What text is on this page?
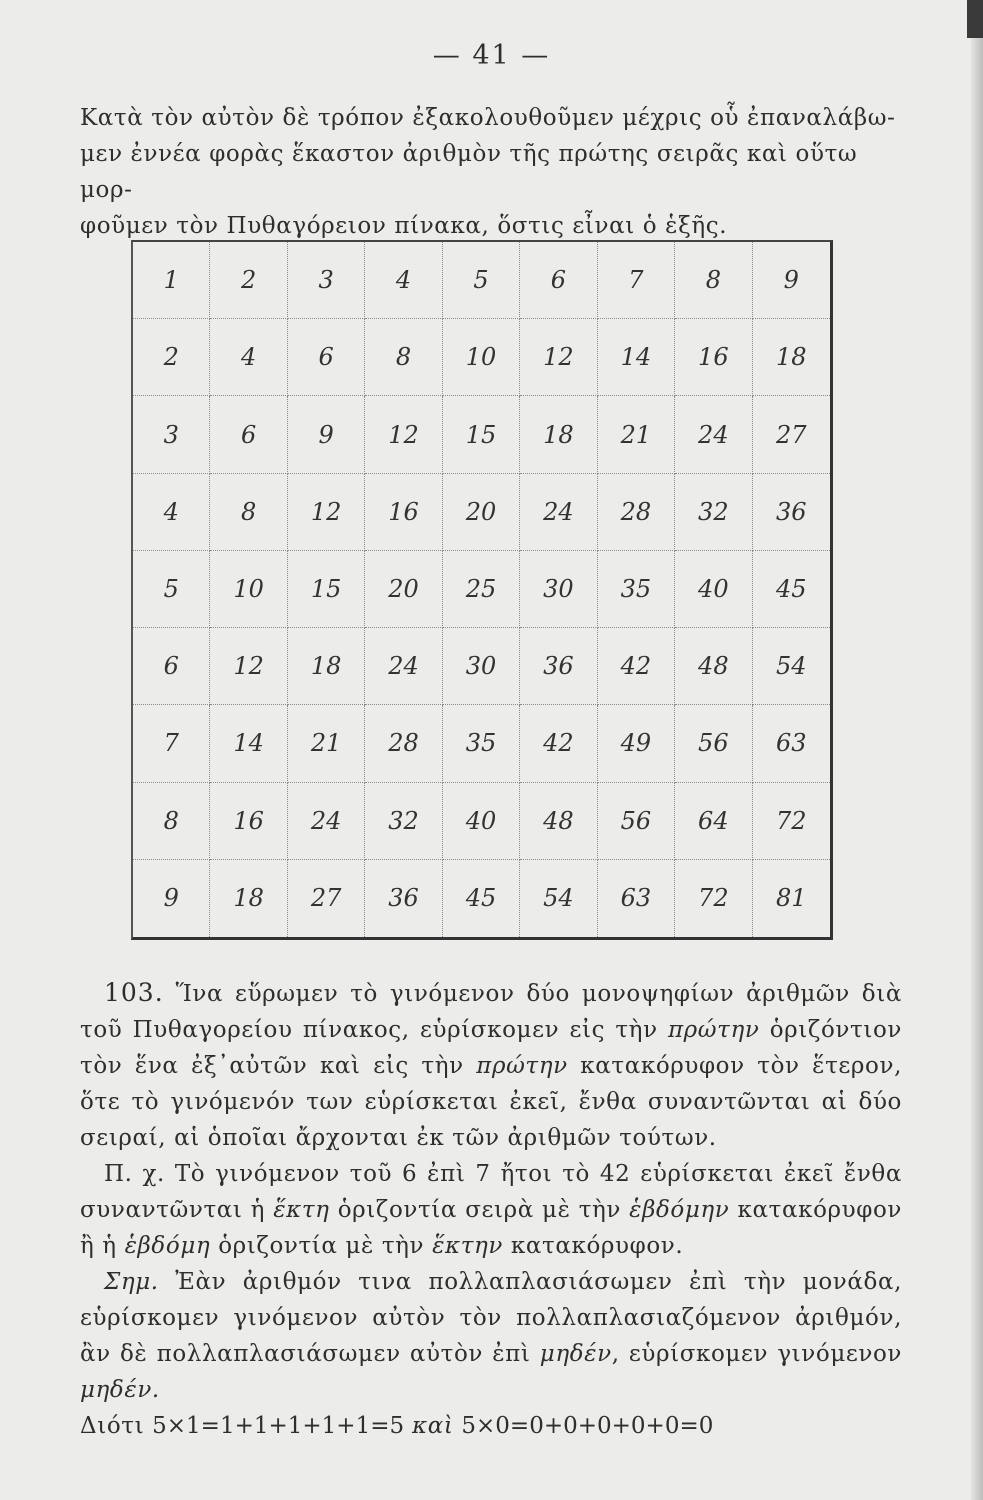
— 41 —
Κατὰ τὸν αὐτὸν δὲ τρόπον ἐξακολουθοῦμεν μέχρις οὗ ἐπαναλάβω-
μεν ἐννέα φορὰς ἕκαστον ἀριθμὸν τῆς πρώτης σειρᾶς καὶ οὕτω μορ-
φοῦμεν τὸν Πυθαγόρειον πίνακα, ὅστις εἶναι ὁ ἑξῆς.
1	2	3	4	5	6	7	8	9
2	4	6	8	10	12	14	16	18
3	6	9	12	15	18	21	24	27
4	8	12	16	20	24	28	32	36
5	10	15	20	25	30	35	40	45
6	12	18	24	30	36	42	48	54
7	14	21	28	35	42	49	56	63
8	16	24	32	40	48	56	64	72
9	18	27	36	45	54	63	72	81

103. Ἵνα εὕρωμεν τὸ γινόμενον δύο μονοψηφίων ἀριθμῶν διὰ τοῦ Πυθαγορείου πίνακος, εὑρίσκομεν εἰς τὴν πρώτην ὁριζόντιον τὸν ἕνα ἐξ᾿αὐτῶν καὶ εἰς τὴν πρώτην κατακόρυφον τὸν ἕτερον, ὅτε τὸ γινόμενόν των εὑρίσκεται ἐκεῖ, ἔνθα συναντῶνται αἱ δύο σειραί, αἱ ὁποῖαι ἄρχονται ἐκ τῶν ἀριθμῶν τούτων.

Π. χ. Τὸ γινόμενον τοῦ 6 ἐπὶ 7 ἤτοι τὸ 42 εὑρίσκεται ἐκεῖ ἔνθα συναντῶνται ἡ ἕκτη ὁριζοντία σειρὰ μὲ τὴν ἑβδόμην κατακόρυφον ἢ ἡ ἑβδόμη ὁριζοντία μὲ τὴν ἕκτην κατακόρυφον.

Σημ. Ἐὰν ἀριθμόν τινα πολλαπλασιάσωμεν ἐπὶ τὴν μονάδα, εὑρίσκομεν γινόμενον αὐτὸν τὸν πολλαπλασιαζόμενον ἀριθμόν, ἂν δὲ πολλαπλασιάσωμεν αὐτὸν ἐπὶ μηδέν, εὑρίσκομεν γινόμενον μηδέν.

Διότι 5×1=1+1+1+1+1=5 καὶ 5×0=0+0+0+0+0=0
